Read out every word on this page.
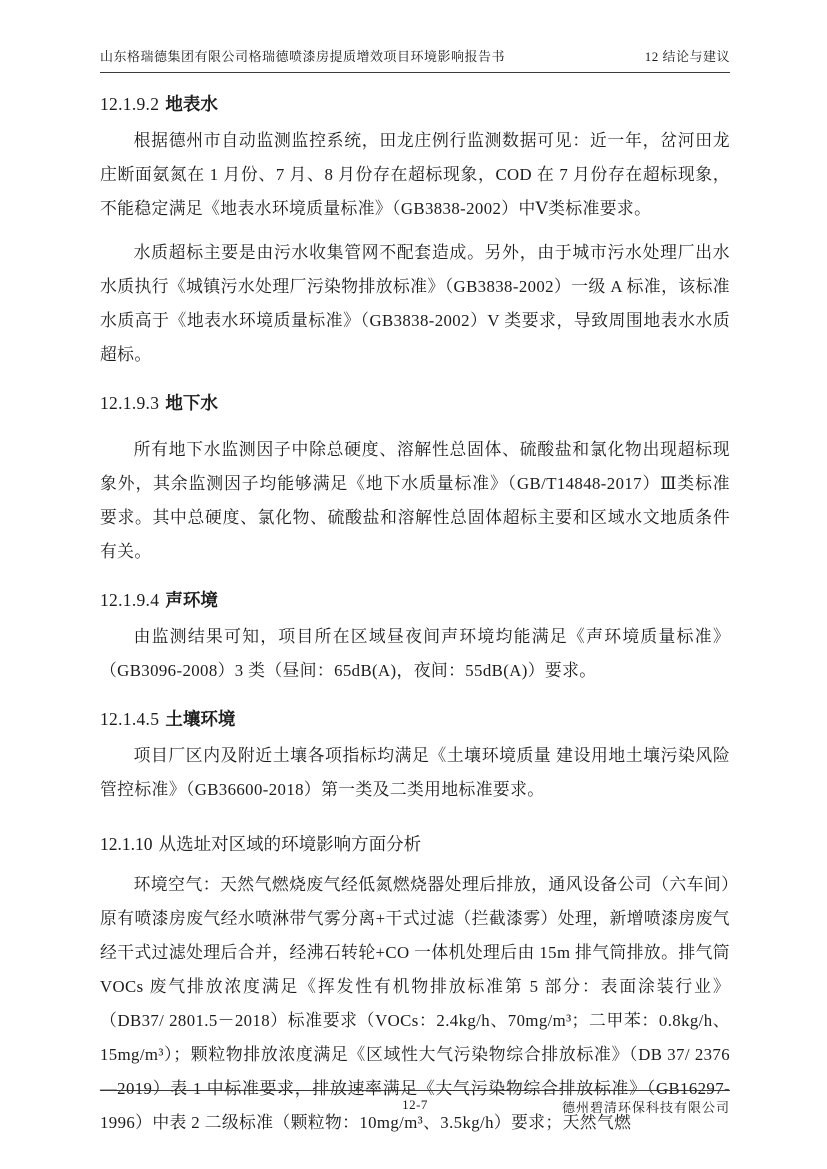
山东格瑞德集团有限公司格瑞德喷漆房提质增效项目环境影响报告书	12 结论与建议
12.1.9.2 地表水

根据德州市自动监测监控系统，田龙庄例行监测数据可见：近一年，岔河田龙庄断面氨氮在 1 月份、7 月、8 月份存在超标现象，COD 在 7 月份存在超标现象，不能稳定满足《地表水环境质量标准》（GB3838-2002）中Ⅴ类标准要求。

水质超标主要是由污水收集管网不配套造成。另外，由于城市污水处理厂出水水质执行《城镇污水处理厂污染物排放标准》（GB3838-2002）一级 A 标准，该标准水质高于《地表水环境质量标准》（GB3838-2002）V 类要求，导致周围地表水水质超标。

12.1.9.3 地下水

所有地下水监测因子中除总硬度、溶解性总固体、硫酸盐和氯化物出现超标现象外，其余监测因子均能够满足《地下水质量标准》（GB/T14848-2017）Ⅲ类标准要求。其中总硬度、氯化物、硫酸盐和溶解性总固体超标主要和区域水文地质条件有关。

12.1.9.4 声环境

由监测结果可知，项目所在区域昼夜间声环境均能满足《声环境质量标准》（GB3096-2008）3 类（昼间：65dB(A)，夜间：55dB(A)）要求。

12.1.4.5 土壤环境

项目厂区内及附近土壤各项指标均满足《土壤环境质量 建设用地土壤污染风险管控标准》（GB36600-2018）第一类及二类用地标准要求。

12.1.10 从选址对区域的环境影响方面分析

环境空气：天然气燃烧废气经低氮燃烧器处理后排放，通风设备公司（六车间）原有喷漆房废气经水喷淋带气雾分离+干式过滤（拦截漆雾）处理，新增喷漆房废气经干式过滤处理后合并，经沸石转轮+CO 一体机处理后由 15m 排气筒排放。排气筒 VOCs 废气排放浓度满足《挥发性有机物排放标准第 5 部分：表面涂装行业》（DB37/ 2801.5－2018）标准要求（VOCs：2.4kg/h、70mg/m³；二甲苯：0.8kg/h、15mg/m³）；颗粒物排放浓度满足《区域性大气污染物综合排放标准》（DB 37/ 2376—2019）表 1 中标准要求，排放速率满足《大气污染物综合排放标准》（GB16297-1996）中表 2 二级标准（颗粒物：10mg/m³、3.5kg/h）要求；天然气燃

12-7	德州碧清环保科技有限公司
